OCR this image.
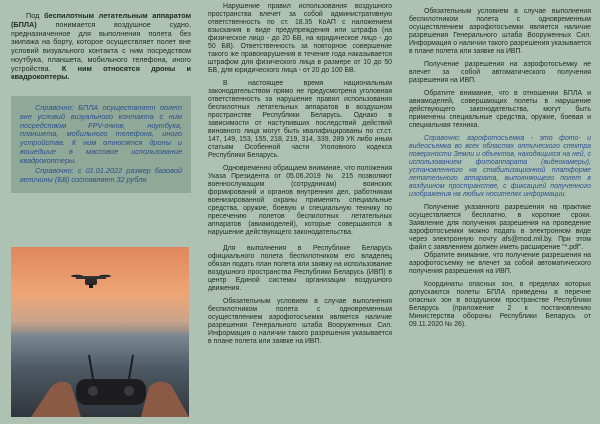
Под беспилотным летательным аппаратом (БПЛА) понимается воздушное судно, предназначенное для выполнения полета без экипажа на борту, которое осуществляет полет вне условий визуального контакта с ним посредством ноутбука, планшета, мобильного телефона, иного устройства. К ним относятся дроны и квадрокоптеры.

Справочно: БПЛА осуществляет полет вне условий визуального контакта с ним посредством FPV-очков, ноутбука, планшета, мобильного телефона, иного устройства. К ним относятся дроны и вошедшие в массовое использование квадрокоптеры.

Справочно: с 01.01.2022 размер базовой величины (БВ) составляет 32 рубля.

Нарушение правил использования воздушного пространства влечет за собой административную ответственность по ст. 18.35 КоАП с наложением взыскания в виде предупреждения или штрафа (на физическое лицо - до 20 БВ, на юридическое лицо - до 50 БВ). Ответственность за повторное совершение такого же правонарушения в течение года наказывается штрафом для физического лица в размере от 10 до 50 БВ, для юридического лица - от 20 до 100 БВ.

В настоящее время национальным законодательством прямо не предусмотрена уголовная ответственность за нарушение правил использования беспилотных летательных аппаратов в воздушном пространстве Республики Беларусь. Однако в зависимости от наступивших последствий действий виновного лица могут быть квалифицированы по ст.ст. 147, 149, 153, 155, 218, 219, 314, 339, 289 УК либо иным статьям Особенной части Уголовного кодекса Республики Беларусь.

Одновременно обращаем внимание, что положения Указа Президента от 05.06.2019 № 215 позволяют военнослужащим (сотрудникам) воинских формирований и органов внутренних дел, работникам военизированной охраны применять специальные средства, оружие, боевую и специальную технику по пресечению полетов беспилотных летательных аппаратов (авиамоделей), которые совершаются в нарушение действующего законодательства.

Для выполнения в Республике Беларусь официального полета беспилотником его владелец обязан подать план полета или заявку на использование воздушного пространства Республики Беларусь (ИВП) в центр Единой системы организации воздушного движения.

Обязательным условием в случае выполнения беспилотником полета с одновременным осуществлением аэрофотосъемки является наличие разрешения Генерального штаба Вооруженных Сил. Информация о наличии такого разрешения указывается в плане полета или заявке на ИВП.

Обязательным условием в случае выполнения беспилотником полета с одновременным осуществлением аэрофотосъемки является наличие разрешения Генерального штаба Вооруженных Сил. Информация о наличии такого разрешения указывается в плане полета или заявке на ИВП.

Получение разрешения на аэрофотосъемку не влечет за собой автоматического получения разрешения на ИВП.

Обратите внимание, что в отношении БПЛА и авиамоделей, совершающих полеты в нарушение действующего законодательства, могут быть применены специальные средства, оружие, боевая и специальная техника.

Справочно: аэрофотосъемка - это фото- и видеосъемка во всех областях оптического спектра поверхности Земли и объектов, находящихся на ней, с использованием фотоаппарата (видеокамеры), установленного на стабилизационной платформе летательного аппарата, выполняющего полет в воздушном пространстве, с фиксацией полученного изображения на любых носителях информации.

Получение указанного разрешения на практике осуществляется бесплатно, в короткие сроки. Заявление для получения разрешения на проведение аэрофотосъемки можно подать в электронном виде через электронную почту afs@mod.mil.by. При этом файл с заявлением должен иметь расширение "*.pdf".

Обратите внимание, что получение разрешения на аэрофотосъемку не влечет за собой автоматического получения разрешения на ИВП.

Координаты опасных зон, в пределах которых допускаются полеты БПЛА приведены в перечне опасных зон в воздушном пространстве Республики Беларусь (приложение 2 к постановлению Министерства обороны Республики Беларусь от 09.11.2020 № 26).
